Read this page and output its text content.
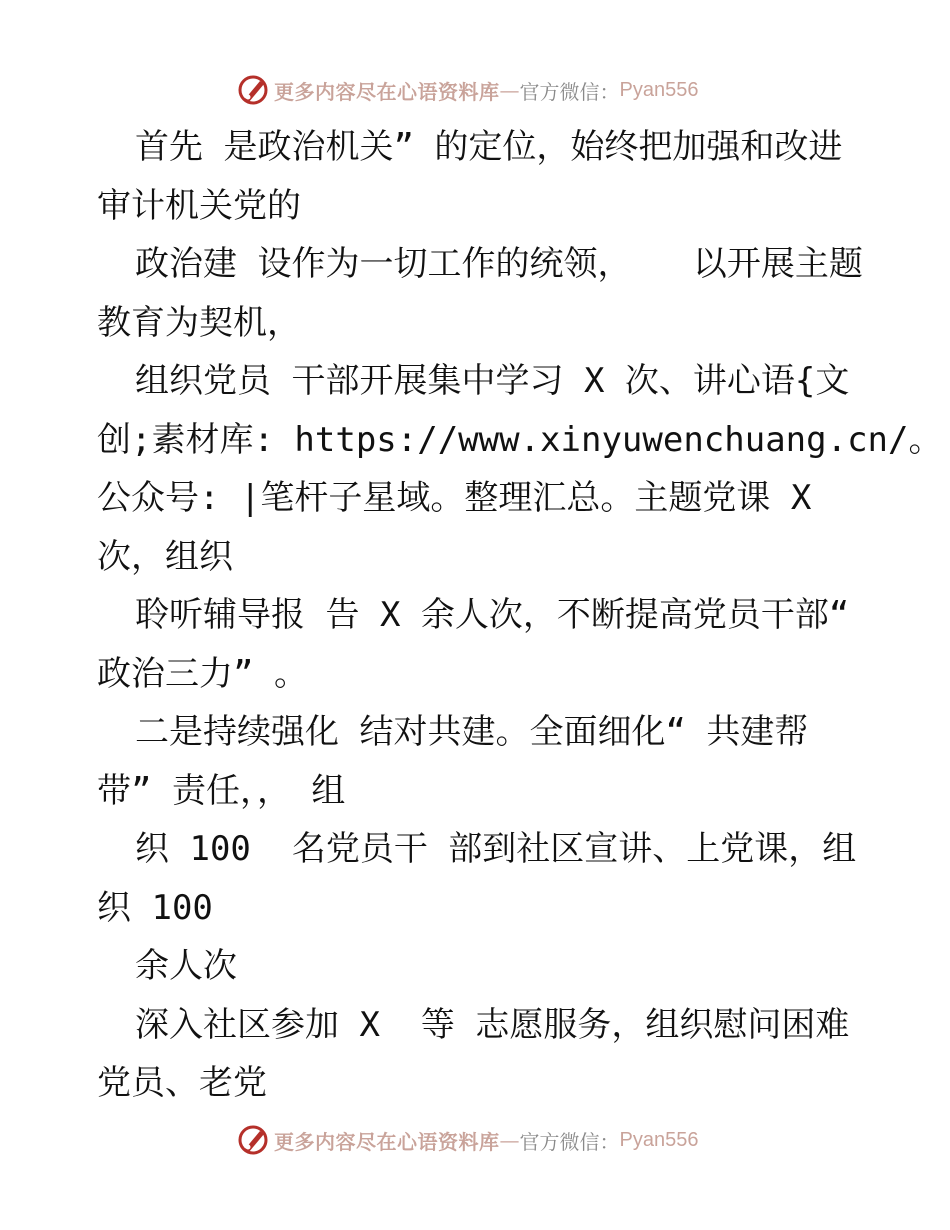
更多内容尽在心语资料库 — 官方微信： Pyan556
首先 是政治机关” 的定位，始终把加强和改进
审计机关党的
政治建 设作为一切工作的统领，   以开展主题
教育为契机，
组织党员 干部开展集中学习 X 次、讲心语{文
创;素材库: https://www.xinyuwenchuang.cn/。
公众号: |笔杆子星域。整理汇总。主题党课 X
次，组织
聆听辅导报 告 X 余人次，不断提高党员干部“
政治三力” 。
二是持续强化 结对共建。全面细化“ 共建帮
带” 责任，， 组
织 100  名党员干 部到社区宣讲、上党课，组
织 100
余人次
深入社区参加 X  等 志愿服务，组织慰问困难
党员、老党
更多内容尽在心语资料库 — 官方微信： Pyan556
